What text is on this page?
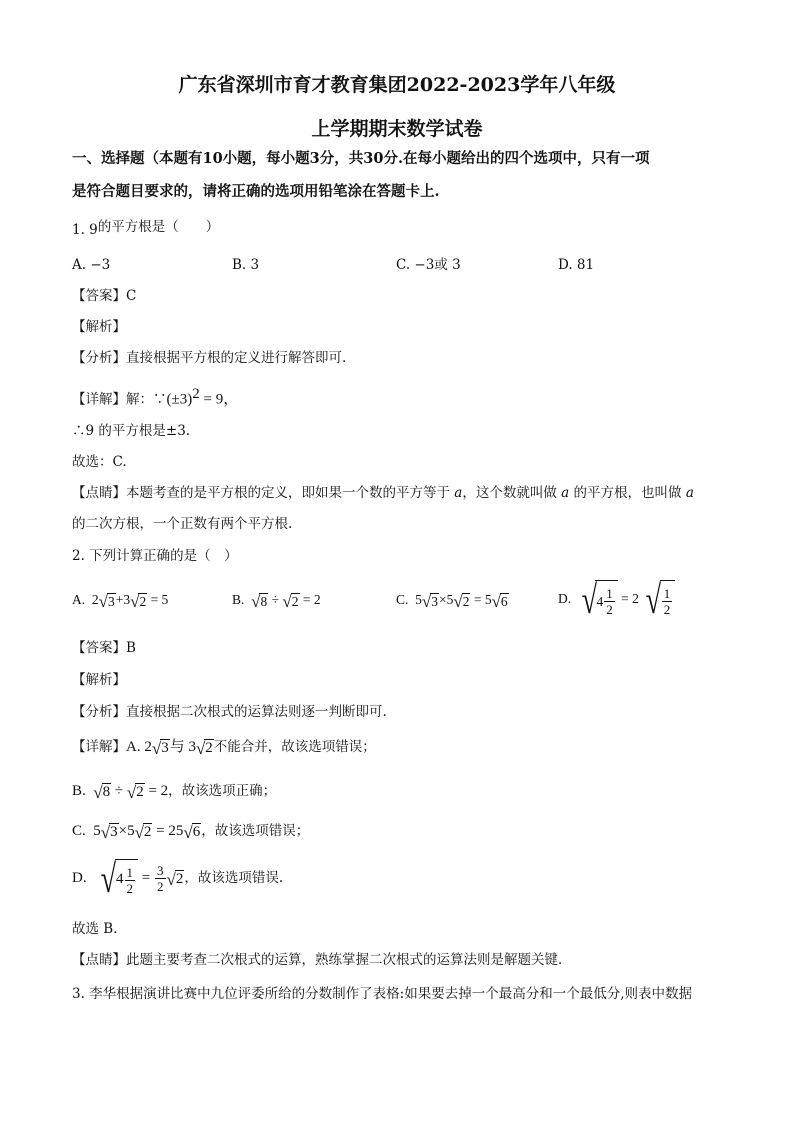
广东省深圳市育才教育集团2022-2023学年八年级
上学期期末数学试卷
一、选择题（本题有10小题，每小题3分，共30分.在每小题给出的四个选项中，只有一项
是符合题目要求的，请将正确的选项用铅笔涂在答题卡上.
1. 9的平方根是（　　）
A. −3	B. 3	C. −3或 3	D. 81
【答案】C
【解析】
【分析】直接根据平方根的定义进行解答即可.
【详解】解：$\because(\pm 3)^2 = 9$，
∴9 的平方根是±3.
故选：C.
【点睛】本题考查的是平方根的定义，即如果一个数的平方等于 a，这个数就叫做 a 的平方根，也叫做 a
的二次方根，一个正数有两个平方根.
2. 下列计算正确的是（　）
A.  2 √ 3 +3 √ 2 = 5	B. √ 8 ÷ √ 2 = 2	C.  5 √ 3 ×5 √ 2 = 5 √ 6	D. √ 4
1
2
= 2 √ 1
2
【答案】B
【解析】
【分析】直接根据二次根式的运算法则逐一判断即可.
【详解】A. 2 √ 3 与 3 √ 2 不能合并，故该选项错误；
B. √ 8 ÷ √ 2 = 2，故该选项正确；
C.  5 √ 3 ×5 √ 2 = 25 √ 6 ，故该选项错误；
D. √ 4 1
2
= $\frac{3}{2}$ √ 2 ，故该选项错误.
故选 B．
【点睛】此题主要考查二次根式的运算，熟练掌握二次根式的运算法则是解题关键．
3. 李华根据演讲比赛中九位评委所给的分数制作了表格:如果要去掉一个最高分和一个最低分,则表中数据
